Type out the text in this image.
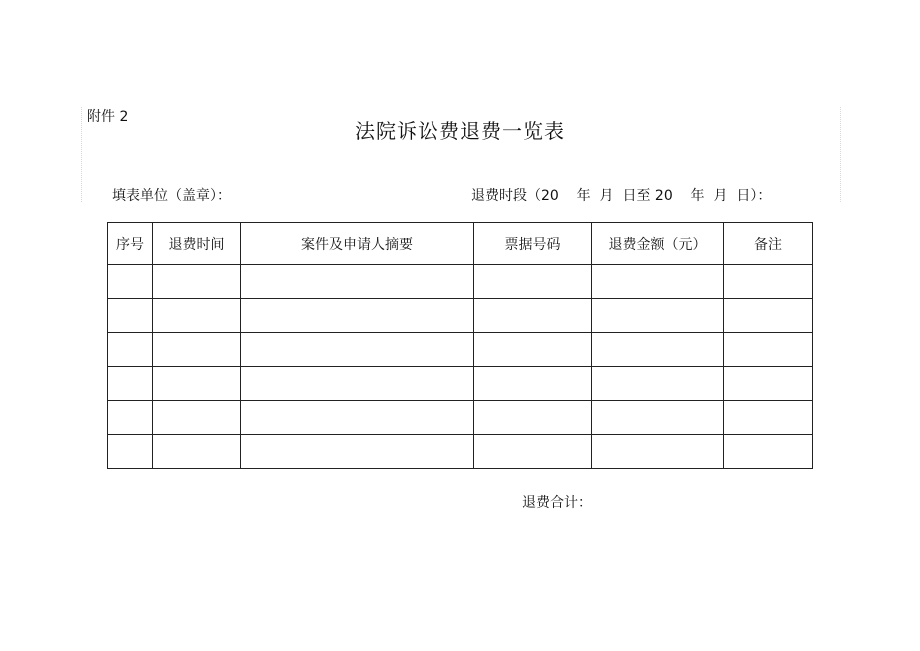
附件 2
法院诉讼费退费一览表
填表单位（盖章）：	退费时段（20 年 月 日至 20 年 月 日）：
序号	退费时间	案件及申请人摘要	票据号码	退费金额（元）	备注

退费合计：
